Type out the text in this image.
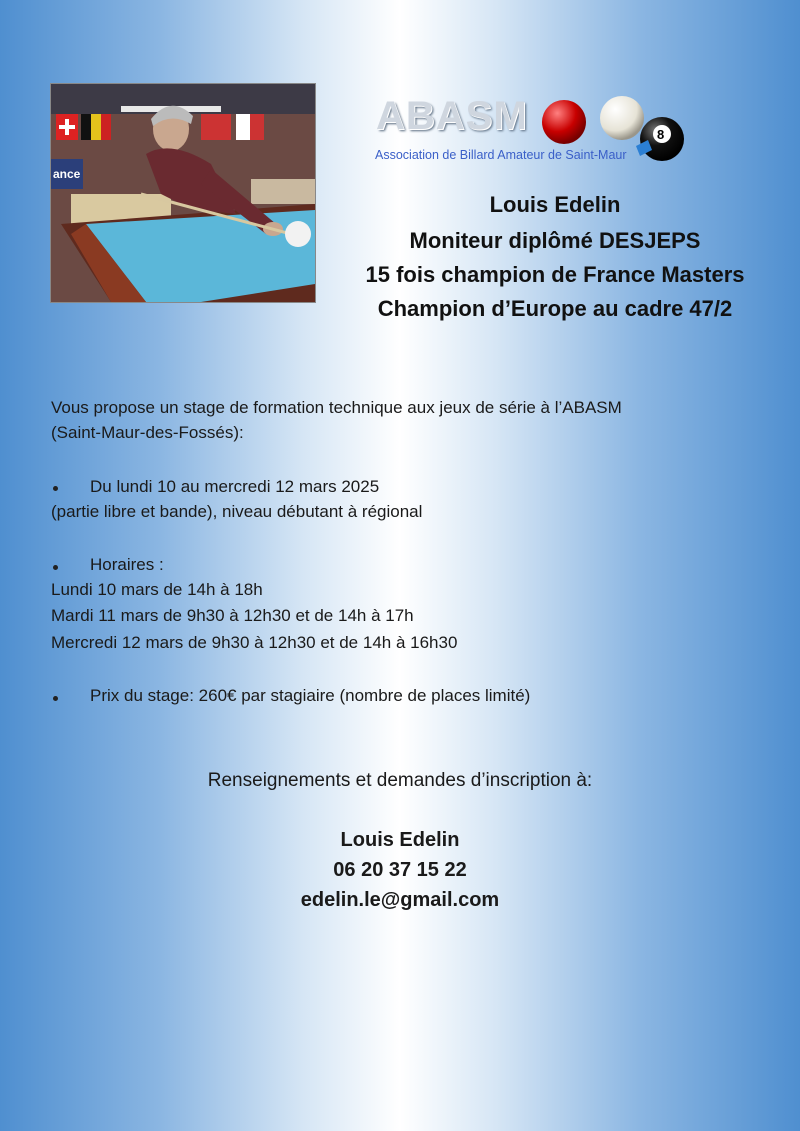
ance
ABASM	8
Association de Billard Amateur de Saint-Maur
Louis Edelin
Moniteur diplômé DESJEPS
15 fois champion de France Masters
Champion d’Europe au cadre 47/2
Vous propose un stage de formation technique aux jeux de série à l’ABASM
(Saint-Maur-des-Fossés):
Du lundi 10 au mercredi 12 mars 2025
(partie libre et bande), niveau débutant à régional
Horaires :
Lundi 10 mars de 14h à 18h
Mardi 11 mars de 9h30 à 12h30 et de 14h à 17h
Mercredi 12 mars de 9h30 à 12h30 et de 14h à 16h30
Prix du stage: 260€ par stagiaire (nombre de places limité)
Renseignements et demandes d’inscription à:
Louis Edelin
06 20 37 15 22
edelin.le@gmail.com
